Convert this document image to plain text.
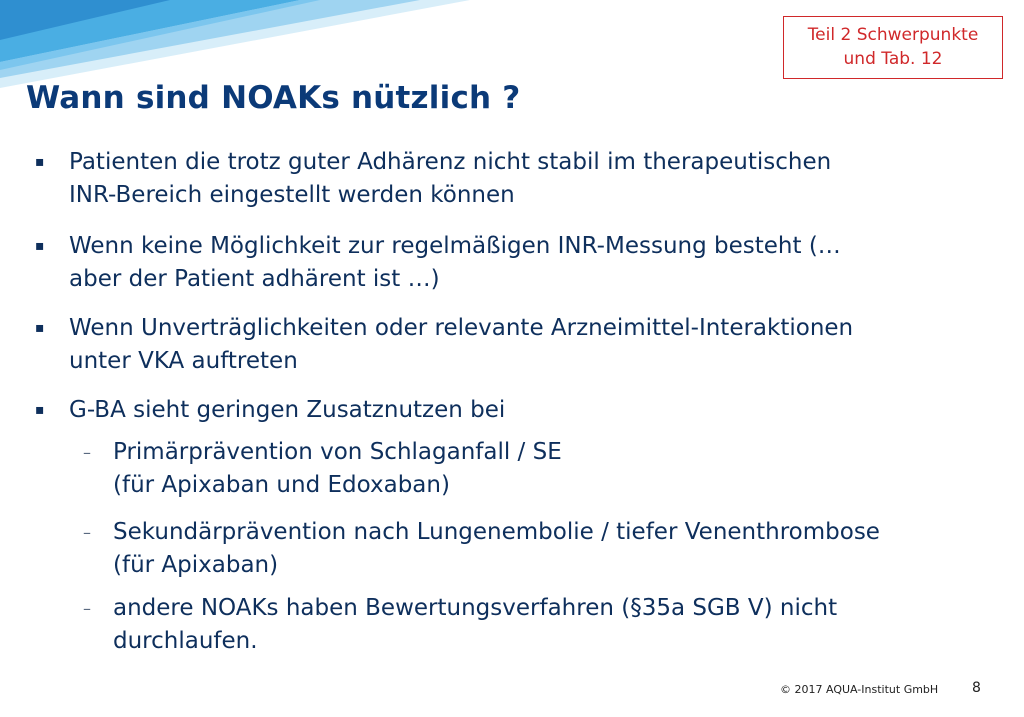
Teil 2 Schwerpunkte
und Tab. 12
Wann sind NOAKs nützlich ?
▪ Patienten die trotz guter Adhärenz nicht stabil im therapeutischen
INR-Bereich eingestellt werden können
▪ Wenn keine Möglichkeit zur regelmäßigen INR-Messung besteht (…
aber der Patient adhärent ist …)
▪ Wenn Unverträglichkeiten oder relevante Arzneimittel-Interaktionen
unter VKA auftreten
▪ G-BA sieht geringen Zusatznutzen bei
– Primärprävention von Schlaganfall / SE
(für Apixaban und Edoxaban)
– Sekundärprävention nach Lungenembolie / tiefer Venenthrombose
(für Apixaban)
– andere NOAKs haben Bewertungsverfahren (§35a SGB V) nicht
durchlaufen.
© 2017 AQUA-Institut GmbH 8
